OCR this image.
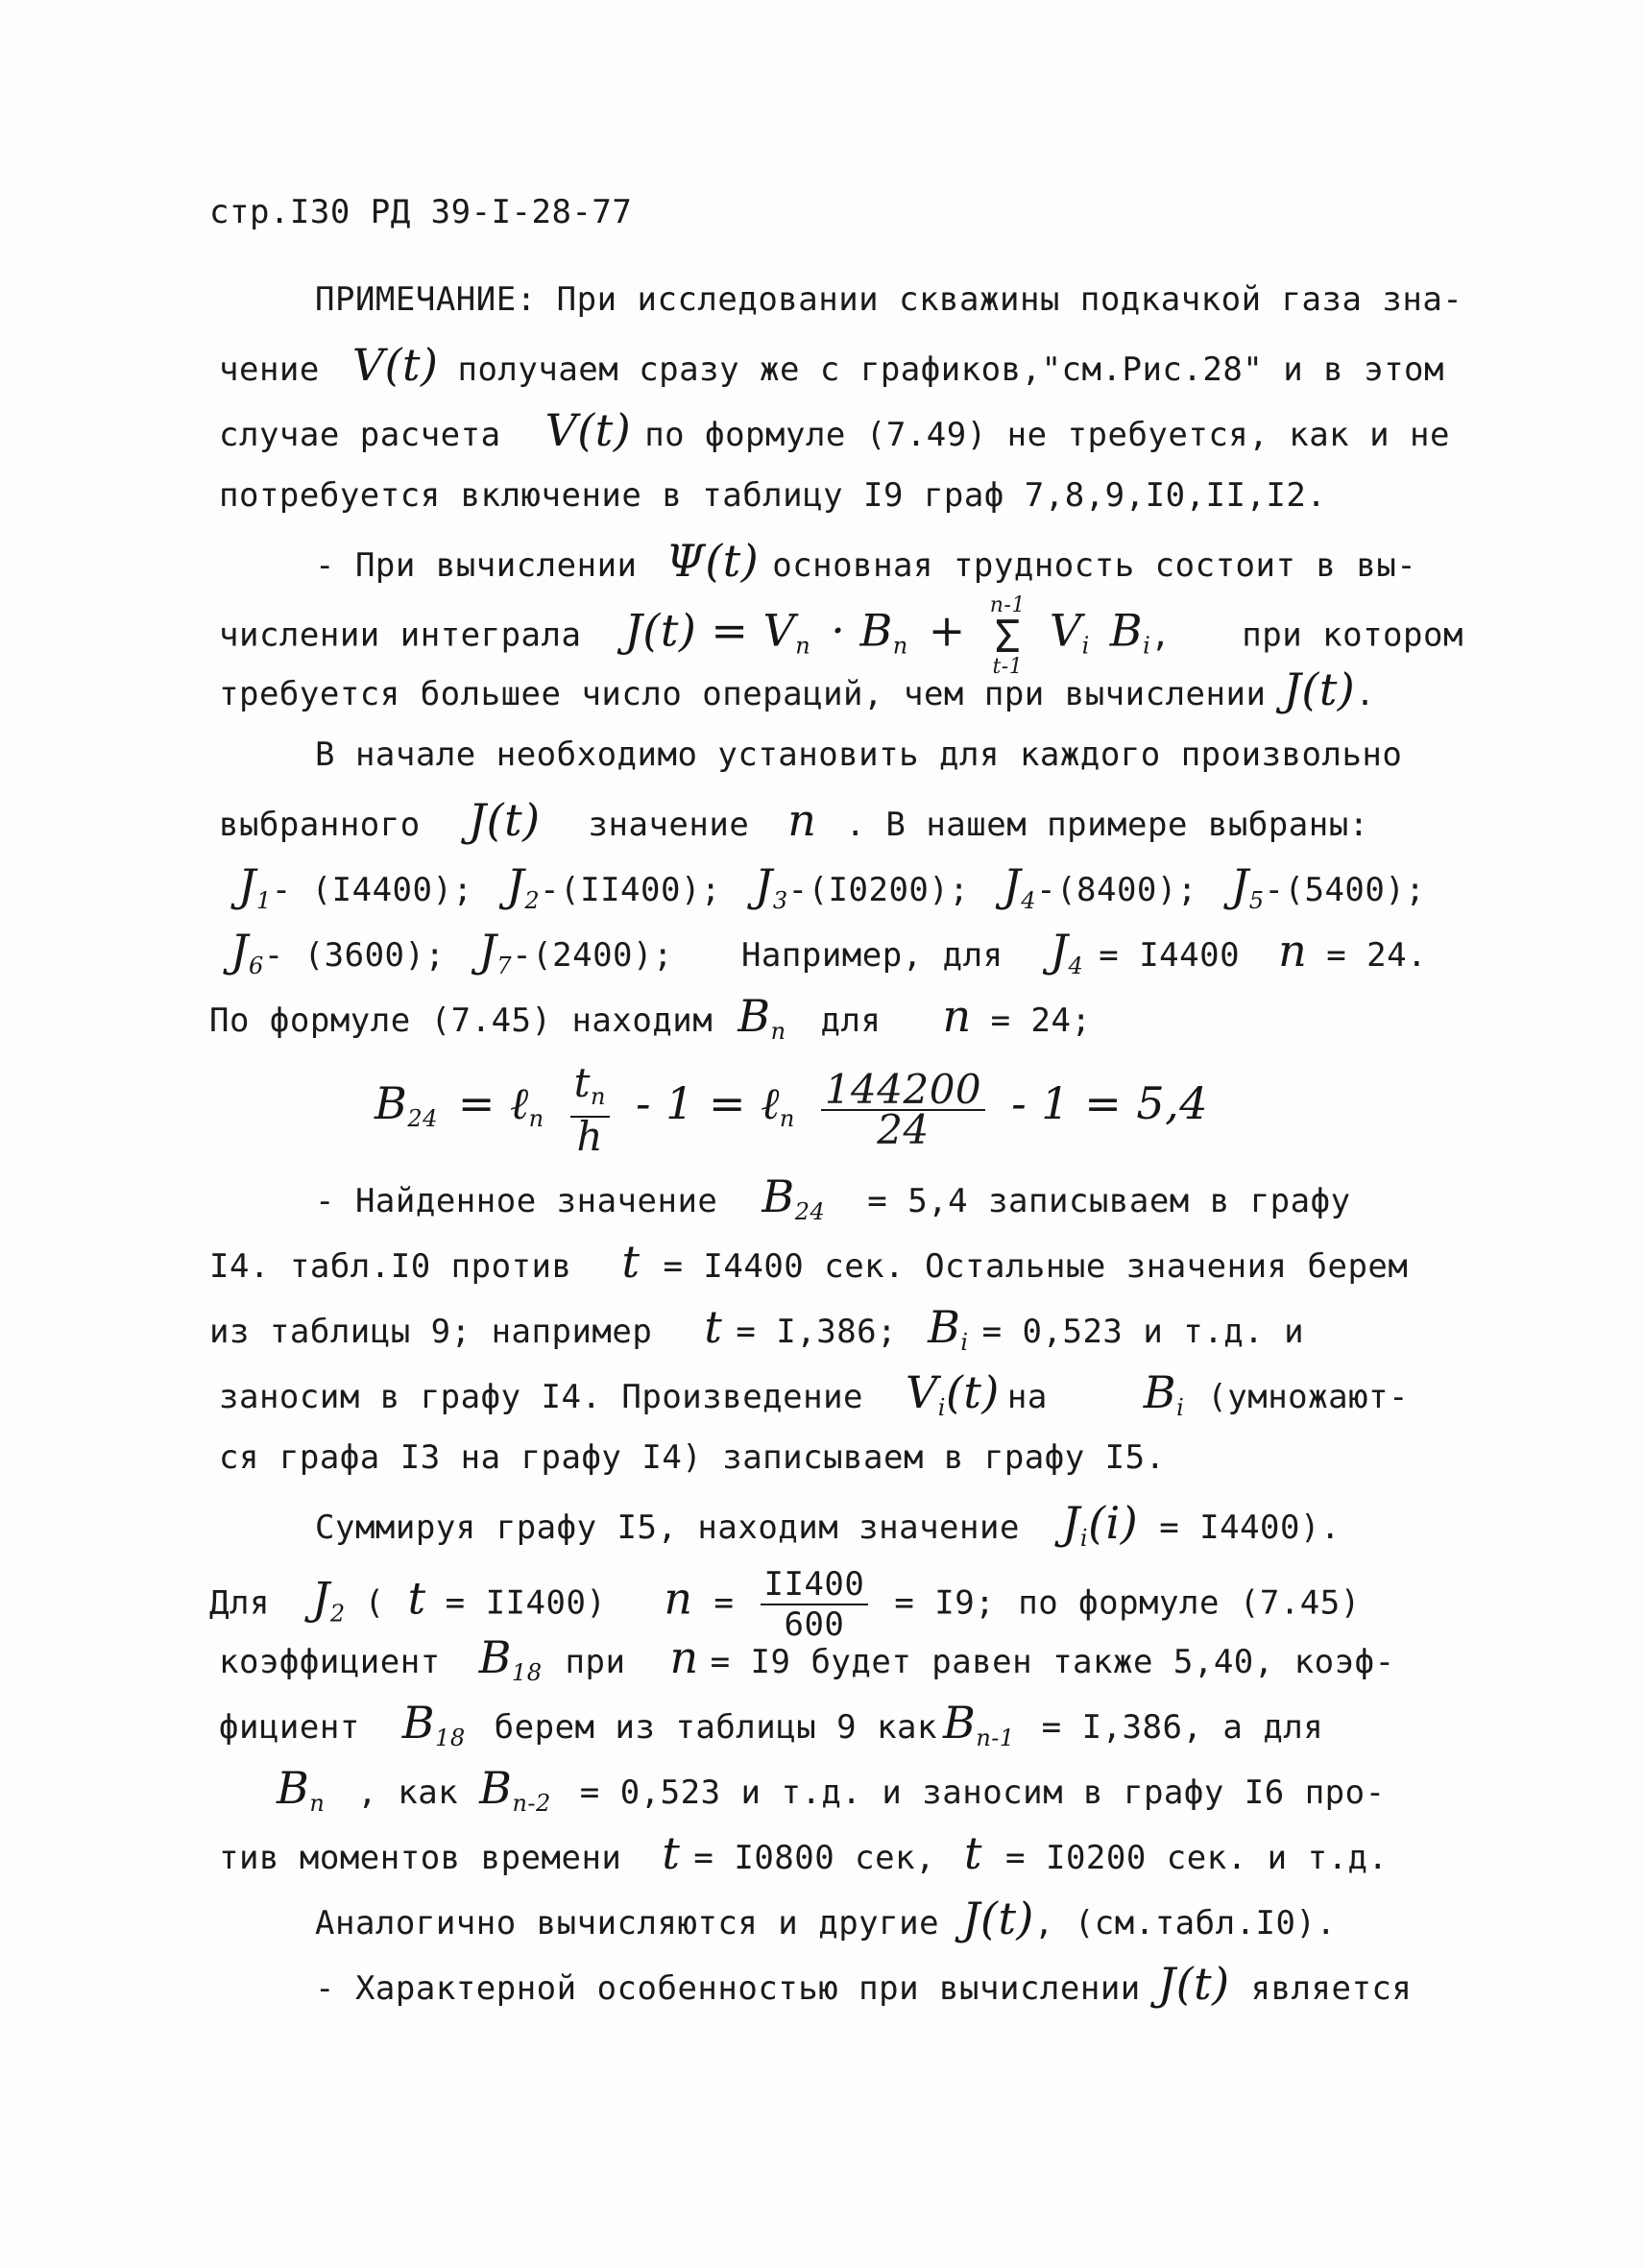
стр.I30 РД 39-I-28-77
ПРИМЕЧАНИЕ: При исследовании скважины подкачкой газа зна-
чение V(t) получаем сразу же с графиков,"см.Рис.28" и в этом
случае расчета V(t) по формуле (7.49) не требуется, как и не
потребуется включение в таблицу I9 граф 7,8,9,I0,II,I2.
- При вычислении Ψ(t) основная трудность состоит в вы-
числении интеграла $J(t) = V_n \cdot B_n + n-1$
Σ
t-1
$V_i$ $B_i$, при котором
требуется большее число операций, чем при вычислении J(t).
В начале необходимо установить для каждого произвольно
выбранного J(t) значение n . В нашем примере выбраны:
$J_1-$ (I4400); $J_2-(II400)$; $J_3-(I0200)$; $J_4-(8400)$; $J_5-(5400)$;
$J_6-$ (3600); $J_7-(2400)$; Например, для $J_4 = I4400$ n = 24.
По формуле (7.45) находим $B_n$ для n = 24;
$B_{24}$ = ℓ$_n$ $\frac{t_n}{h} - 1$ = ℓ$_n$ $\frac{144200}{24} - 1 = 5,4$
- Найденное значение $B_{24} = 5,4$ записываем в графу
I4. табл.I0 против t = I4400 сек. Остальные значения берем
из таблицы 9; например t = I,386; $B_i = 0,523$ и т.д. и
заносим в графу I4. Произведение $V_i(t)$ на $B_i$ (умножают-
ся графа I3 на графу I4) записываем в графу I5.
Суммируя графу I5, находим значение $J_i(i) = I4400$).
Для $J_2$ ( t = II400) $n = \frac{II400}{600} = I9$; по формуле (7.45)
коэффициент $B_{18}$ при n = I9 будет равен также 5,40, коэф-
фициент $B_{18}$ берем из таблицы 9 как $B_{n-1} = I,386$, а для
$B_n$ , как $B_{n-2} = 0,523$ и т.д. и заносим в графу I6 про-
тив моментов времени t = I0800 сек, t = I0200 сек. и т.д.
Аналогично вычисляются и другие J(t), (см.табл.I0).
- Характерной особенностью при вычислении J(t) является
